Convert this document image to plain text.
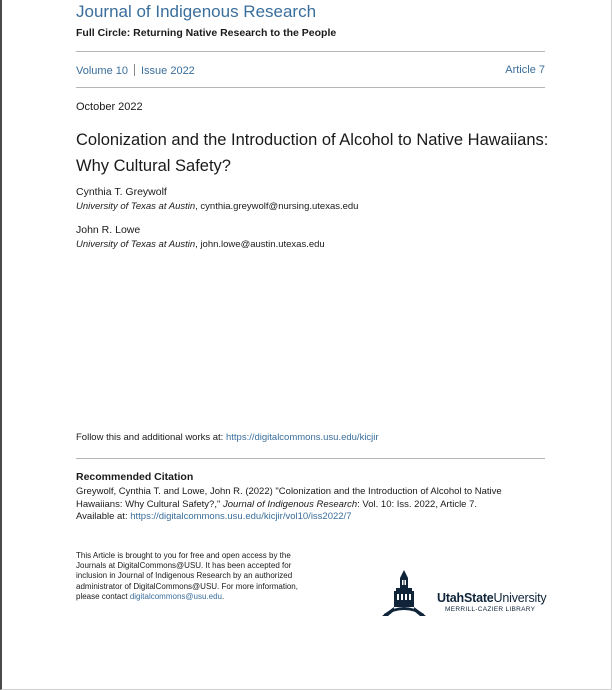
Journal of Indigenous Research
Full Circle: Returning Native Research to the People
Volume 10 Issue 2022	Article 7
October 2022
Colonization and the Introduction of Alcohol to Native Hawaiians: Why Cultural Safety?
Cynthia T. Greywolf
University of Texas at Austin, cynthia.greywolf@nursing.utexas.edu
John R. Lowe
University of Texas at Austin, john.lowe@austin.utexas.edu
Follow this and additional works at: https://digitalcommons.usu.edu/kicjir
Recommended Citation
Greywolf, Cynthia T. and Lowe, John R. (2022) "Colonization and the Introduction of Alcohol to Native Hawaiians: Why Cultural Safety?," Journal of Indigenous Research: Vol. 10: Iss. 2022, Article 7.
Available at: https://digitalcommons.usu.edu/kicjir/vol10/iss2022/7
This Article is brought to you for free and open access by the Journals at DigitalCommons@USU. It has been accepted for inclusion in Journal of Indigenous Research by an authorized administrator of DigitalCommons@USU. For more information, please contact digitalcommons@usu.edu.	UtahStateUniversity
MERRILL-CAZIER LIBRARY
